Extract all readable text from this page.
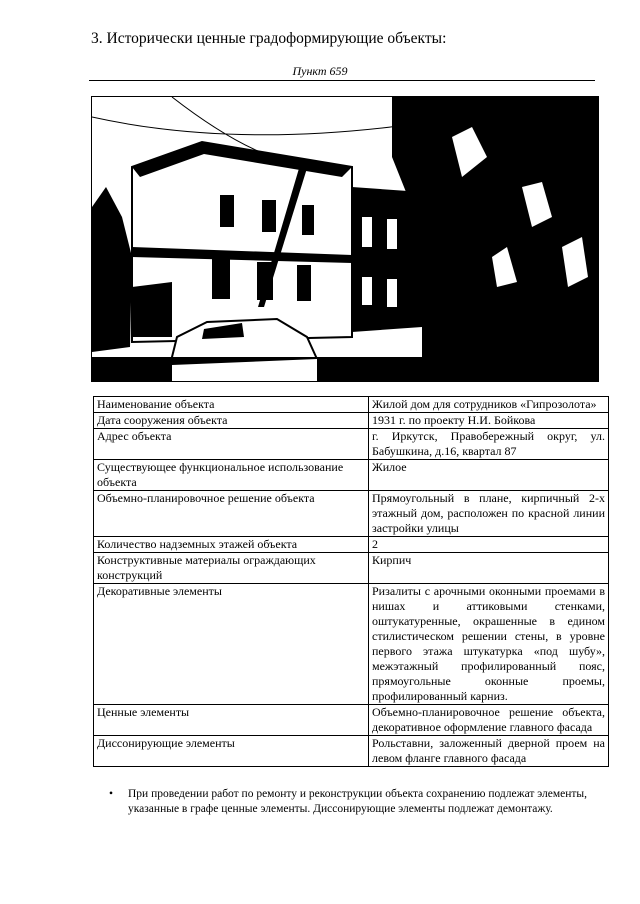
3. Исторически ценные градоформирующие объекты:
Пункт 659
Наименование объекта	Жилой дом для сотрудников «Гипрозолота»
Дата сооружения объекта	1931 г. по проекту Н.И. Бойкова
Адрес объекта	г. Иркутск, Правобережный округ, ул. Бабушкина, д.16, квартал 87
Существующее функциональное использование объекта	Жилое
Объемно-планировочное решение объекта	Прямоугольный в плане, кирпичный 2-х этажный дом, расположен по красной линии застройки улицы
Количество надземных этажей объекта	2
Конструктивные материалы ограждающих конструкций	Кирпич
Декоративные элементы	Ризалиты с арочными оконными проемами в нишах и аттиковыми стенками, оштукатуренные, окрашенные в едином стилистическом решении стены, в уровне первого этажа штукатурка «под шубу», межэтажный профилированный пояс, прямоугольные оконные проемы, профилированный карниз.
Ценные элементы	Объемно-планировочное решение объекта, декоративное оформление главного фасада
Диссонирующие элементы	Рольставни, заложенный дверной проем на левом фланге главного фасада
• При проведении работ по ремонту и реконструкции объекта сохранению подлежат элементы, указанные в графе ценные элементы. Диссонирующие элементы подлежат демонтажу.
